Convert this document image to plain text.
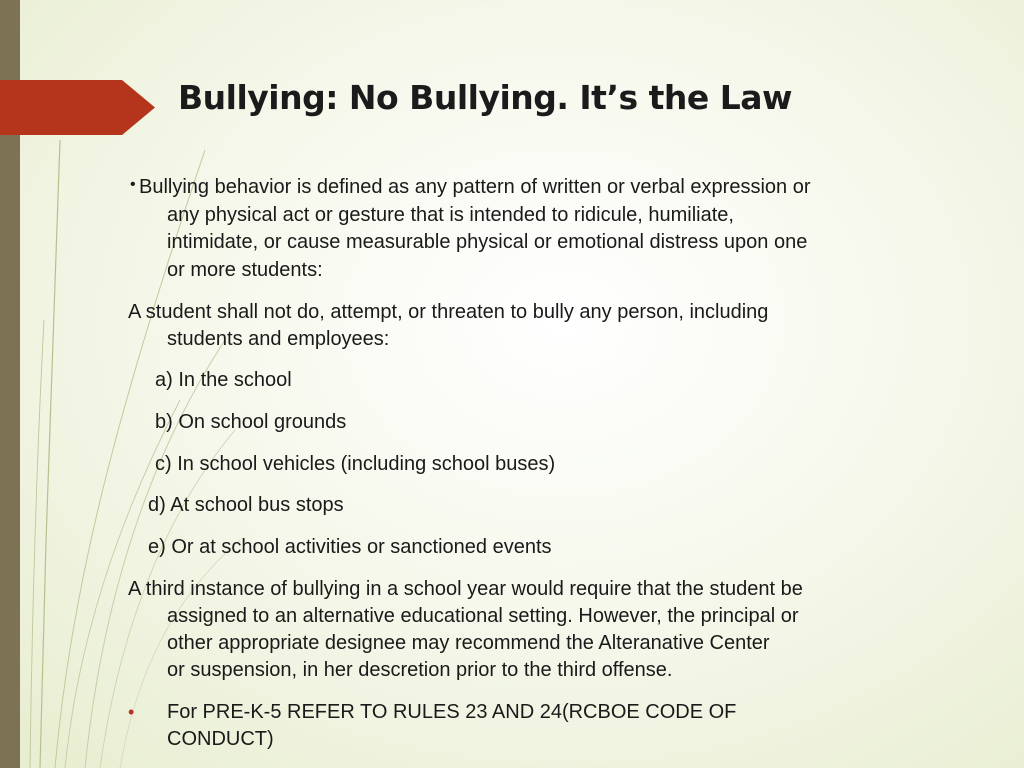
Bullying: No Bullying. It’s the Law
• Bullying behavior is defined as any pattern of written or verbal expression or
any physical act or gesture that is intended to ridicule, humiliate,
intimidate, or cause measurable physical or emotional distress upon one
or more students:
A student shall not do, attempt, or threaten to bully any person, including
students and employees:
a) In the school
b) On school grounds
c) In school vehicles (including school buses)
d) At school bus stops
e) Or at school activities or sanctioned events
A third instance of bullying in a school year would require that the student be
assigned to an alternative educational setting. However, the principal or
other appropriate designee may recommend the Alteranative Center
or suspension, in her descretion prior to the third offense.
• For PRE-K-5 REFER TO RULES 23 AND 24(RCBOE CODE OF
CONDUCT)
